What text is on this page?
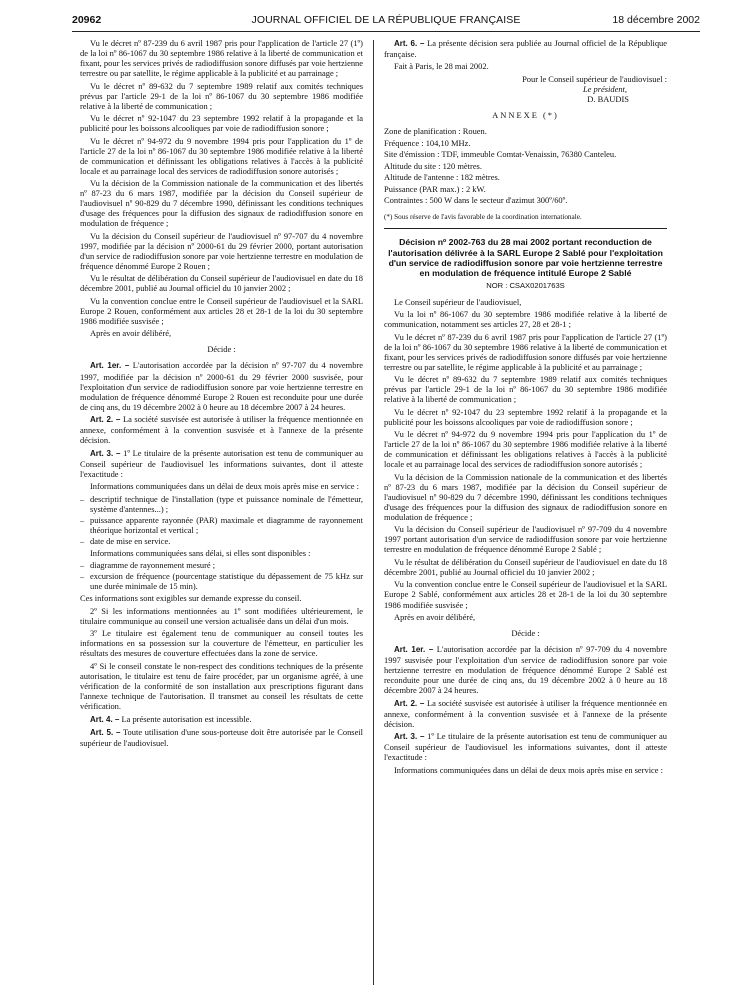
20962	JOURNAL OFFICIEL DE LA RÉPUBLIQUE FRANÇAISE	18 décembre 2002

Vu le décret nº 87-239 du 6 avril 1987 pris pour l'application de l'article 27 (1º) de la loi nº 86-1067 du 30 septembre 1986 relative à la liberté de communication et fixant, pour les services privés de radiodiffusion sonore diffusés par voie hertzienne terrestre ou par satellite, le régime applicable à la publicité et au parrainage ;

Vu le décret nº 89-632 du 7 septembre 1989 relatif aux comités techniques prévus par l'article 29-1 de la loi nº 86-1067 du 30 septembre 1986 modifiée relative à la liberté de communication ;

Vu le décret nº 92-1047 du 23 septembre 1992 relatif à la propagande et la publicité pour les boissons alcooliques par voie de radiodiffusion sonore ;

Vu le décret nº 94-972 du 9 novembre 1994 pris pour l'application du 1º de l'article 27 de la loi nº 86-1067 du 30 septembre 1986 modifiée relative à la liberté de communication et définissant les obligations relatives à l'accès à la publicité locale et au parrainage local des services de radiodiffusion sonore autorisés ;

Vu la décision de la Commission nationale de la communication et des libertés nº 87-23 du 6 mars 1987, modifiée par la décision du Conseil supérieur de l'audiovisuel nº 90-829 du 7 décembre 1990, définissant les conditions techniques d'usage des fréquences pour la diffusion des signaux de radiodiffusion sonore en modulation de fréquence ;

Vu la décision du Conseil supérieur de l'audiovisuel nº 97-707 du 4 novembre 1997, modifiée par la décision nº 2000-61 du 29 février 2000, portant autorisation d'un service de radiodiffusion sonore par voie hertzienne terrestre en modulation de fréquence dénommé Europe 2 Rouen ;

Vu le résultat de délibération du Conseil supérieur de l'audiovisuel en date du 18 décembre 2001, publié au Journal officiel du 10 janvier 2002 ;

Vu la convention conclue entre le Conseil supérieur de l'audiovisuel et la SARL Europe 2 Rouen, conformément aux articles 28 et 28-1 de la loi du 30 septembre 1986 modifiée susvisée ;

Après en avoir délibéré,

Décide :

Art. 1er. – L'autorisation accordée par la décision nº 97-707 du 4 novembre 1997, modifiée par la décision nº 2000-61 du 29 février 2000 susvisée, pour l'exploitation d'un service de radiodiffusion sonore par voie hertzienne terrestre en modulation de fréquence dénommé Europe 2 Rouen est reconduite pour une durée de cinq ans, du 19 décembre 2002 à 0 heure au 18 décembre 2007 à 24 heures.

Art. 2. – La société susvisée est autorisée à utiliser la fréquence mentionnée en annexe, conformément à la convention susvisée et à l'annexe de la présente décision.

Art. 3. – 1º Le titulaire de la présente autorisation est tenu de communiquer au Conseil supérieur de l'audiovisuel les informations suivantes, dont il atteste l'exactitude :

Informations communiquées dans un délai de deux mois après mise en service :

– descriptif technique de l'installation (type et puissance nominale de l'émetteur, système d'antennes...) ;
– puissance apparente rayonnée (PAR) maximale et diagramme de rayonnement théorique horizontal et vertical ;
– date de mise en service.

Informations communiquées sans délai, si elles sont disponibles :

– diagramme de rayonnement mesuré ;
– excursion de fréquence (pourcentage statistique du dépassement de 75 kHz sur une durée minimale de 15 min).

Ces informations sont exigibles sur demande expresse du conseil.

2º Si les informations mentionnées au 1º sont modifiées ultérieurement, le titulaire communique au conseil une version actualisée dans un délai d'un mois.

3º Le titulaire est également tenu de communiquer au conseil toutes les informations en sa possession sur la couverture de l'émetteur, en particulier les résultats des mesures de couverture effectuées dans la zone de service.

4º Si le conseil constate le non-respect des conditions techniques de la présente autorisation, le titulaire est tenu de faire procéder, par un organisme agréé, à une vérification de la conformité de son installation aux prescriptions figurant dans l'annexe technique de l'autorisation. Il transmet au conseil les résultats de cette vérification.

Art. 4. – La présente autorisation est incessible.

Art. 5. – Toute utilisation d'une sous-porteuse doit être autorisée par le Conseil supérieur de l'audiovisuel.

Art. 6. – La présente décision sera publiée au Journal officiel de la République française.

Fait à Paris, le 28 mai 2002.

Pour le Conseil supérieur de l'audiovisuel :

Le président,

D. BAUDIS

ANNEXE (*)

Zone de planification : Rouen.

Fréquence : 104,10 MHz.

Site d'émission : TDF, immeuble Comtat-Venaissin, 76380 Canteleu.

Altitude du site : 120 mètres.

Altitude de l'antenne : 182 mètres.

Puissance (PAR max.) : 2 kW.

Contraintes : 500 W dans le secteur d'azimut 300º/60º.

(*) Sous réserve de l'avis favorable de la coordination internationale.

Décision nº 2002-763 du 28 mai 2002 portant reconduction de l'autorisation délivrée à la SARL Europe 2 Sablé pour l'exploitation d'un service de radiodiffusion sonore par voie hertzienne terrestre en modulation de fréquence intitulé Europe 2 Sablé

NOR : CSAX0201763S

Le Conseil supérieur de l'audiovisuel,

Vu la loi nº 86-1067 du 30 septembre 1986 modifiée relative à la liberté de communication, notamment ses articles 27, 28 et 28-1 ;

Vu le décret nº 87-239 du 6 avril 1987 pris pour l'application de l'article 27 (1º) de la loi nº 86-1067 du 30 septembre 1986 relative à la liberté de communication et fixant, pour les services privés de radiodiffusion sonore diffusés par voie hertzienne terrestre ou par satellite, le régime applicable à la publicité et au parrainage ;

Vu le décret nº 89-632 du 7 septembre 1989 relatif aux comités techniques prévus par l'article 29-1 de la loi nº 86-1067 du 30 septembre 1986 modifiée relative à la liberté de communication ;

Vu le décret nº 92-1047 du 23 septembre 1992 relatif à la propagande et la publicité pour les boissons alcooliques par voie de radiodiffusion sonore ;

Vu le décret nº 94-972 du 9 novembre 1994 pris pour l'application du 1º de l'article 27 de la loi nº 86-1067 du 30 septembre 1986 modifiée relative à la liberté de communication et définissant les obligations relatives à l'accès à la publicité locale et au parrainage local des services de radiodiffusion sonore autorisés ;

Vu la décision de la Commission nationale de la communication et des libertés nº 87-23 du 6 mars 1987, modifiée par la décision du Conseil supérieur de l'audiovisuel nº 90-829 du 7 décembre 1990, définissant les conditions techniques d'usage des fréquences pour la diffusion des signaux de radiodiffusion sonore en modulation de fréquence ;

Vu la décision du Conseil supérieur de l'audiovisuel nº 97-709 du 4 novembre 1997 portant autorisation d'un service de radiodiffusion sonore par voie hertzienne terrestre en modulation de fréquence dénommé Europe 2 Sablé ;

Vu le résultat de délibération du Conseil supérieur de l'audiovisuel en date du 18 décembre 2001, publié au Journal officiel du 10 janvier 2002 ;

Vu la convention conclue entre le Conseil supérieur de l'audiovisuel et la SARL Europe 2 Sablé, conformément aux articles 28 et 28-1 de la loi du 30 septembre 1986 modifiée susvisée ;

Après en avoir délibéré,

Décide :

Art. 1er. – L'autorisation accordée par la décision nº 97-709 du 4 novembre 1997 susvisée pour l'exploitation d'un service de radiodiffusion sonore par voie hertzienne terrestre en modulation de fréquence dénommé Europe 2 Sablé est reconduite pour une durée de cinq ans, du 19 décembre 2002 à 0 heure au 18 décembre 2007 à 24 heures.

Art. 2. – La société susvisée est autorisée à utiliser la fréquence mentionnée en annexe, conformément à la convention susvisée et à l'annexe de la présente décision.

Art. 3. – 1º Le titulaire de la présente autorisation est tenu de communiquer au Conseil supérieur de l'audiovisuel les informations suivantes, dont il atteste l'exactitude :

Informations communiquées dans un délai de deux mois après mise en service :
